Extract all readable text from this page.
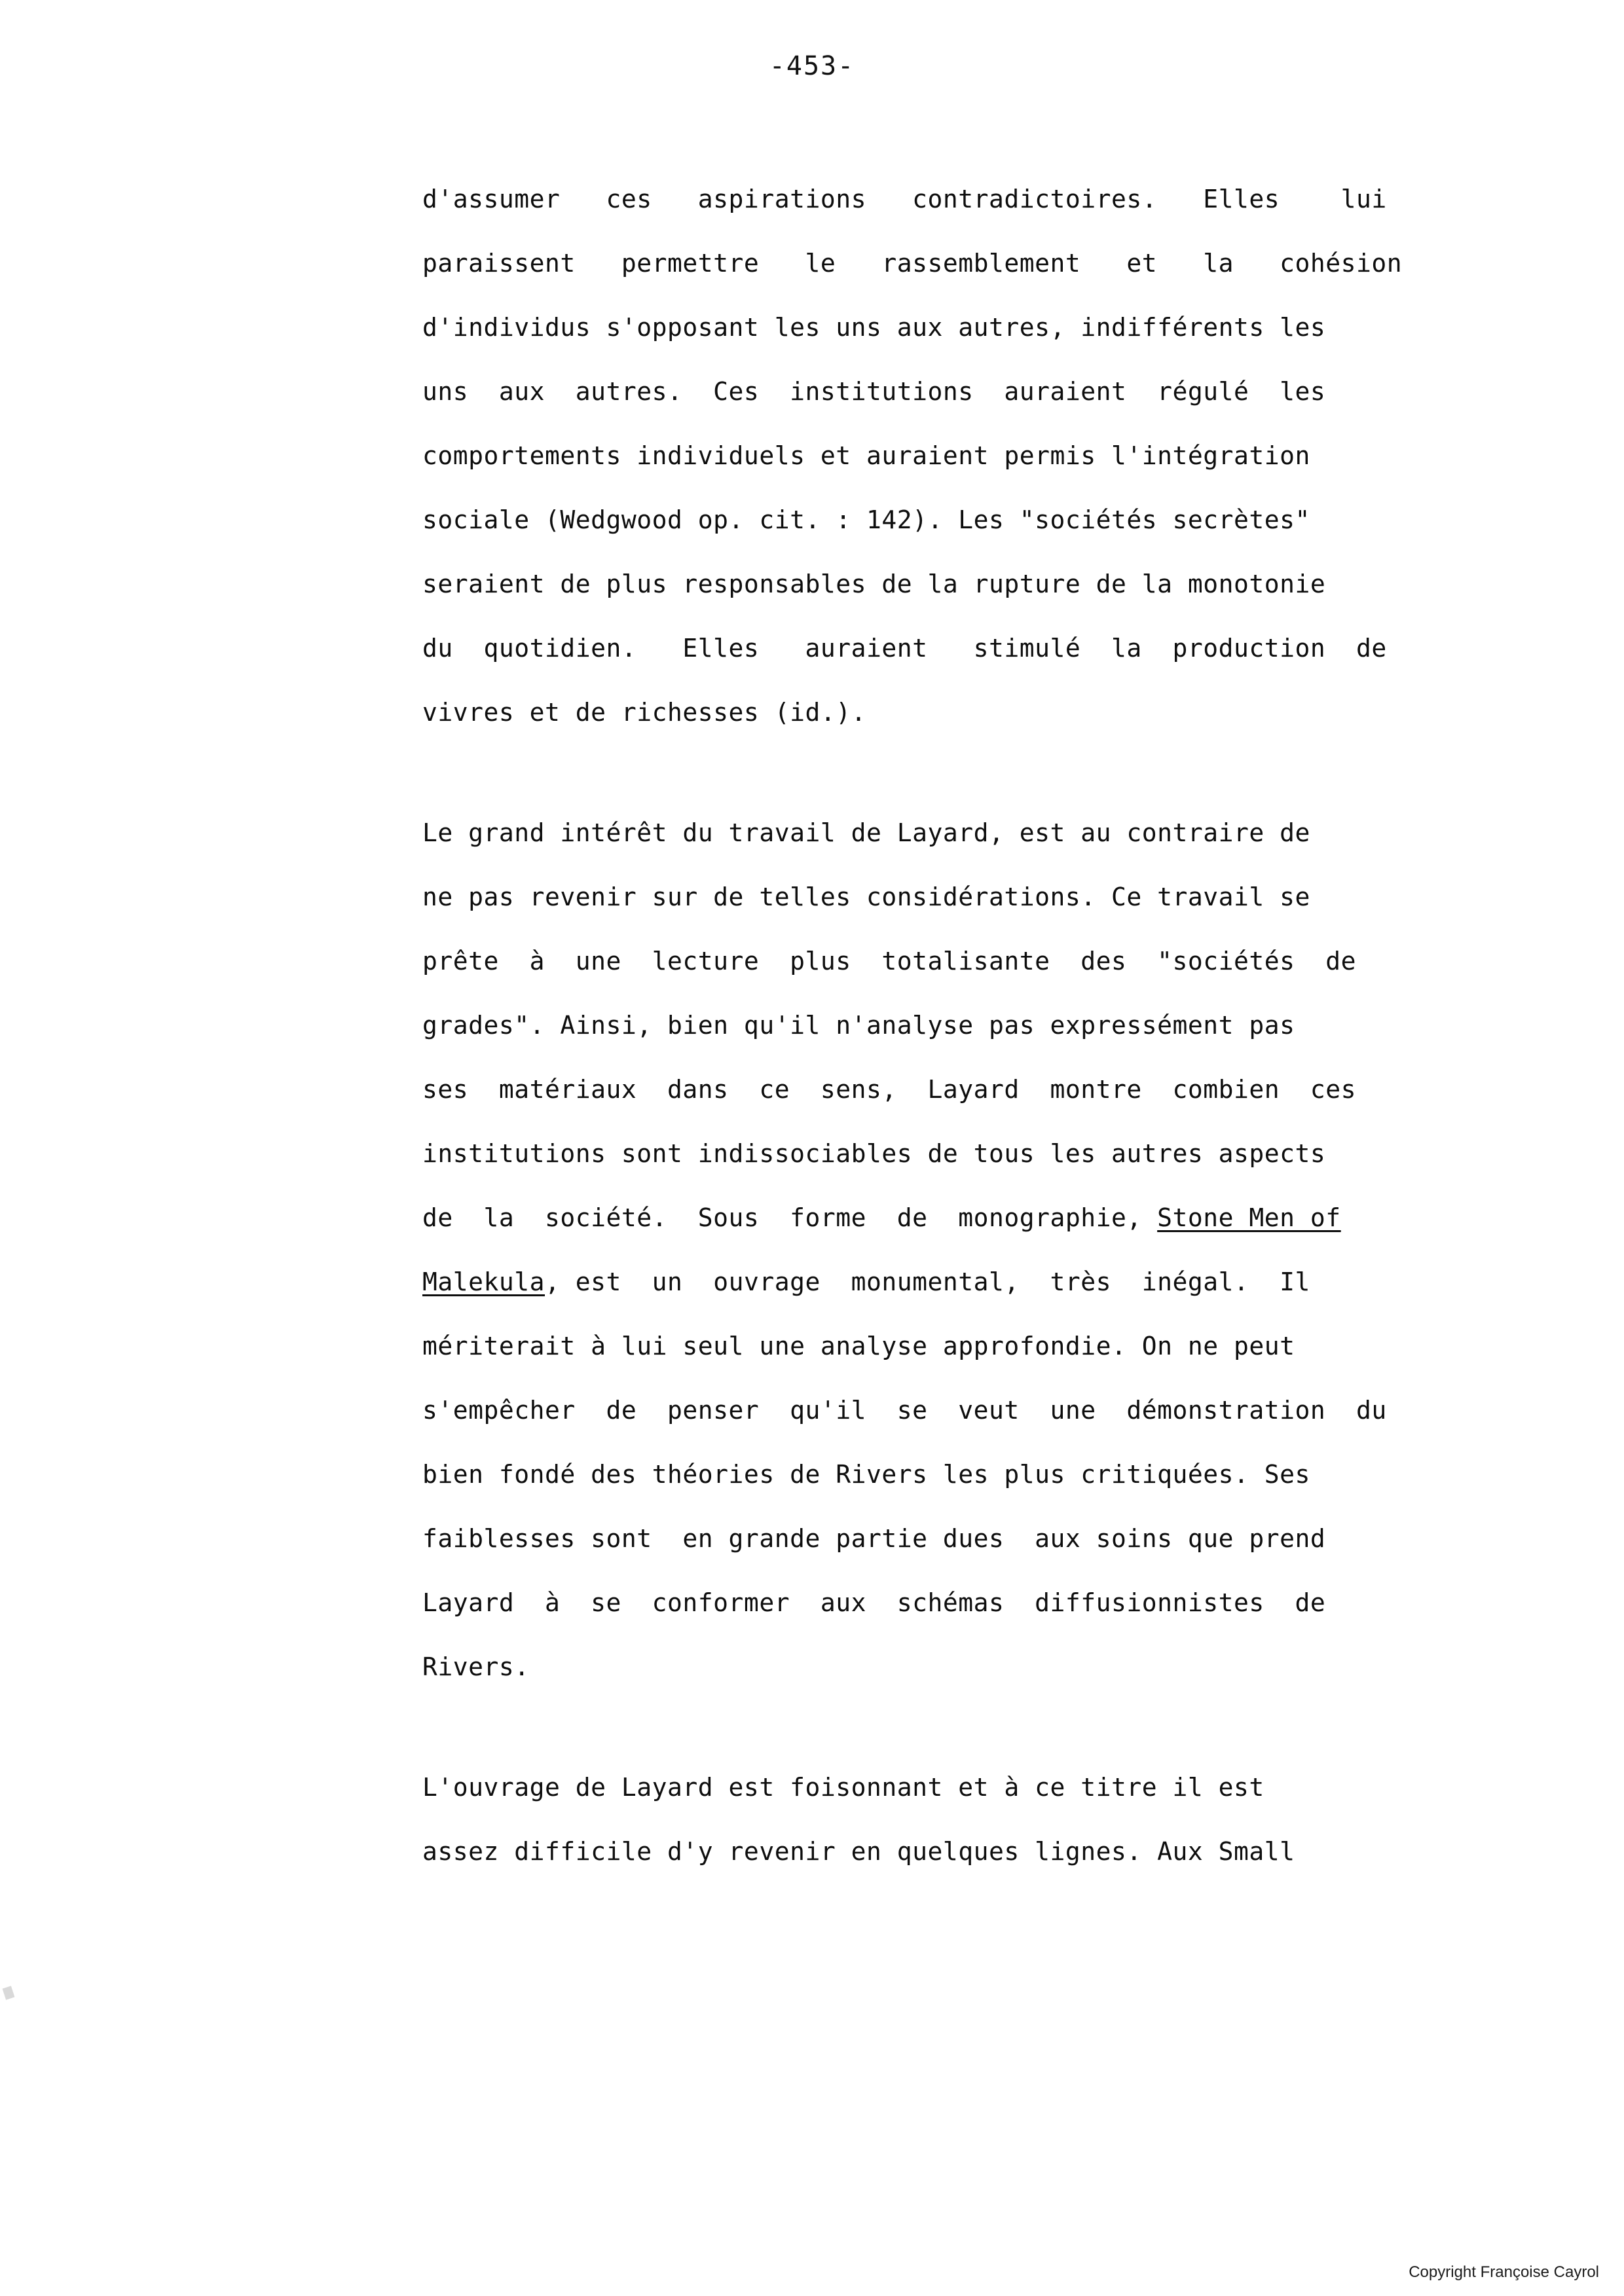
-453-
d'assumer   ces   aspirations   contradictoires.   Elles    lui
paraissent   permettre   le   rassemblement   et   la   cohésion
d'individus s'opposant les uns aux autres, indifférents les
uns  aux  autres.  Ces  institutions  auraient  régulé  les
comportements individuels et auraient permis l'intégration
sociale (Wedgwood op. cit. : 142). Les "sociétés secrètes"
seraient de plus responsables de la rupture de la monotonie
du  quotidien.   Elles   auraient   stimulé  la  production  de
vivres et de richesses (id.).
Le grand intérêt du travail de Layard, est au contraire de
ne pas revenir sur de telles considérations. Ce travail se
prête  à  une  lecture  plus  totalisante  des  "sociétés  de
grades". Ainsi, bien qu'il n'analyse pas expressément pas
ses  matériaux  dans  ce  sens,  Layard  montre  combien  ces
institutions sont indissociables de tous les autres aspects
de  la  société.  Sous  forme  de  monographie, Stone Men of
Malekula, est  un  ouvrage  monumental,  très  inégal.  Il
mériterait à lui seul une analyse approfondie. On ne peut
s'empêcher  de  penser  qu'il  se  veut  une  démonstration  du
bien fondé des théories de Rivers les plus critiquées. Ses
faiblesses sont  en grande partie dues  aux soins que prend
Layard  à  se  conformer  aux  schémas  diffusionnistes  de
Rivers.
L'ouvrage de Layard est foisonnant et à ce titre il est
assez difficile d'y revenir en quelques lignes. Aux Small
Copyright Françoise Cayrol
